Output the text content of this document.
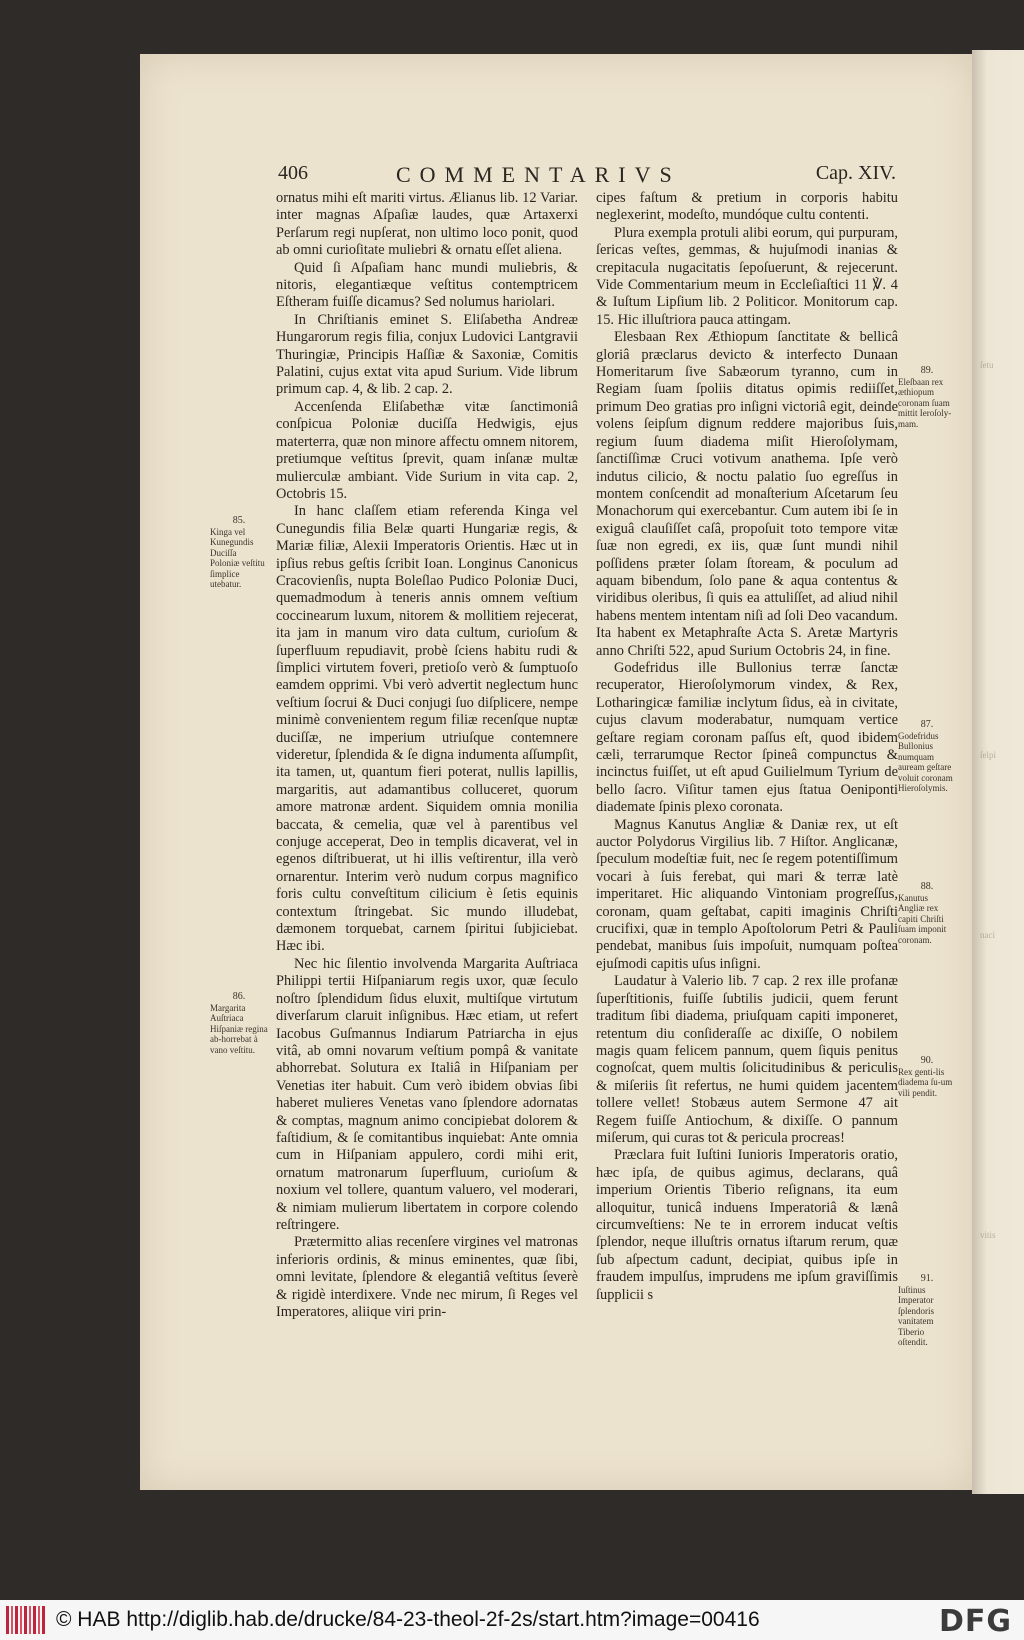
ſetu
ſelpi
naci
vitis
406	COMMENTARIVS	Cap. XIV.

ornatus mihi eſt mariti virtus. Ælianus lib. 12 Variar. inter magnas Aſpaſiæ laudes, quæ Artaxerxi Perſarum regi nupſerat, non ultimo loco ponit, quod ab omni curioſitate muliebri & ornatu eſſet aliena.

Quid ſi Aſpaſiam hanc mundi muliebris, & nitoris, elegantiæque veſtitus contemptricem Eſtheram fuiſſe dicamus? Sed nolumus hariolari.

In Chriſtianis eminet S. Eliſabetha Andreæ Hungarorum regis filia, conjux Ludovici Lantgravii Thuringiæ, Principis Haſſiæ & Saxoniæ, Comitis Palatini, cujus extat vita apud Surium. Vide librum primum cap. 4, & lib. 2 cap. 2.

Accenſenda Eliſabethæ vitæ ſanctimoniâ conſpicua Poloniæ duciſſa Hedwigis, ejus materterra, quæ non minore affectu omnem nitorem, pretiumque veſtitus ſprevit, quam inſanæ multæ mulierculæ ambiant. Vide Surium in vita cap. 2, Octobris 15.

In hanc claſſem etiam referenda Kinga vel Cunegundis filia Belæ quarti Hungariæ regis, & Mariæ filiæ, Alexii Imperatoris Orientis. Hæc ut in ipſius rebus geſtis ſcribit Ioan. Longinus Canonicus Cracovienſis, nupta Boleſlao Pudico Poloniæ Duci, quemadmodum à teneris annis omnem veſtium coccinearum luxum, nitorem & mollitiem rejecerat, ita jam in manum viro data cultum, curioſum & ſuperfluum repudiavit, probè ſciens habitu rudi & ſimplici virtutem foveri, pretioſo verò & ſumptuoſo eamdem opprimi. Vbi verò advertit neglectum hunc veſtium ſocrui & Duci conjugi ſuo diſplicere, nempe minimè convenientem regum filiæ recenſque nuptæ duciſſæ, ne imperium utriuſque contemnere videretur, ſplendida & ſe digna indumenta aſſumpſit, ita tamen, ut, quantum fieri poterat, nullis lapillis, margaritis, aut adamantibus colluceret, quorum amore matronæ ardent. Siquidem omnia monilia baccata, & cemelia, quæ vel à parentibus vel conjuge acceperat, Deo in templis dicaverat, vel in egenos diſtribuerat, ut hi illis veſtirentur, illa verò ornarentur. Interim verò nudum corpus magnifico foris cultu conveſtitum cilicium è ſetis equinis contextum ſtringebat. Sic mundo illudebat, dæmonem torquebat, carnem ſpiritui ſubjiciebat. Hæc ibi.

Nec hic ſilentio involvenda Margarita Auſtriaca Philippi tertii Hiſpaniarum regis uxor, quæ ſeculo noſtro ſplendidum ſidus eluxit, multiſque virtutum diverſarum claruit inſignibus. Hæc etiam, ut refert Iacobus Guſmannus Indiarum Patriarcha in ejus vitâ, ab omni novarum veſtium pompâ & vanitate abhorrebat. Soluturа ex Italiâ in Hiſpaniam per Venetias iter habuit. Cum verò ibidem obvias ſibi haberet mulieres Venetas vano ſplendore adornatas & comptas, magnum animo concipiebat dolorem & faſtidium, & ſe comitantibus inquiebat: Ante omnia cum in Hiſpaniam appulero, cordi mihi erit, ornatum matronarum ſuperfluum, curioſum & noxium vel tollere, quantum valuero, vel moderari, & nimiam mulierum libertatem in corpore colendo reſtringere.

Prætermitto alias recenſere virgines vel matronas inferioris ordinis, & minus eminentes, quæ ſibi, omni levitate, ſplendore & elegantiâ veſtitus ſeverè & rigidè interdixere. Vnde nec mirum, ſi Reges vel Imperatores, aliique viri prin-

cipes faſtum & pretium in corporis habitu neglexerint, modeſto, mundóque cultu contenti.

Plura exempla protuli alibi eorum, qui purpuram, ſericas veſtes, gemmas, & hujuſmodi inanias & crepitacula nugacitatis ſepoſuerunt, & rejecerunt. Vide Commentarium meum in Eccleſiaſtici 11 ℣. 4 & Iuſtum Lipſium lib. 2 Politicor. Monitorum cap. 15. Hic illuſtriora pauca attingam.

Elesbaan Rex Æthiopum ſanctitate & bellicâ gloriâ præclarus devicto & interfecto Dunaan Homeritarum ſive Sabæorum tyranno, cum in Regiam ſuam ſpoliis ditatus opimis rediiſſet, primum Deo gratias pro inſigni victoriâ egit, deinde volens ſeipſum dignum reddere majoribus ſuis, regium ſuum diadema miſit Hieroſolymam, ſanctiſſimæ Cruci votivum anathema. Ipſe verò indutus cilicio, & noctu palatio ſuo egreſſus in montem conſcendit ad monaſterium Aſcetarum ſeu Monachorum qui exercebantur. Cum autem ibi ſe in exiguâ clauſiſſet caſâ, propoſuit toto tempore vitæ ſuæ non egredi, ex iis, quæ ſunt mundi nihil poſſidens præter ſolam ſtoream, & poculum ad aquam bibendum, ſolo pane & aqua contentus & viridibus oleribus, ſi quis ea attuliſſet, ad aliud nihil habens mentem intentam niſi ad ſoli Deo vacandum. Ita habent ex Metaphraſte Acta S. Aretæ Martyris anno Chriſti 522, apud Surium Octobris 24, in fine.

Godefridus ille Bullonius terræ ſanctæ recuperator, Hieroſolymorum vindex, & Rex, Lotharingicæ familiæ inclytum ſidus, eà in civitate, cujus clavum moderabatur, numquam vertice geſtare regiam coronam paſſus eſt, quod ibidem cæli, terrarumque Rector ſpineâ compunctus & incinctus fuiſſet, ut eſt apud Guilielmum Tyrium de bello ſacro. Viſitur tamen ejus ſtatua Oeniponti diademate ſpinis plexo coronata.

Magnus Kanutus Angliæ & Daniæ rex, ut eſt auctor Polydorus Virgilius lib. 7 Hiſtor. Anglicanæ, ſpeculum modeſtiæ fuit, nec ſe regem potentiſſimum vocari à ſuis ferebat, qui mari & terræ latè imperitaret. Hic aliquando Vintoniam progreſſus, coronam, quam geſtabat, capiti imaginis Chriſti crucifixi, quæ in templo Apoſtolorum Petri & Pauli pendebat, manibus ſuis impoſuit, numquam poſtea ejuſmodi capitis uſus inſigni.

Laudatur à Valerio lib. 7 cap. 2 rex ille profanæ ſuperſtitionis, fuiſſe ſubtilis judicii, quem ferunt traditum ſibi diadema, priuſquam capiti imponeret, retentum diu conſideraſſe ac dixiſſe, O nobilem magis quam felicem pannum, quem ſiquis penitus cognoſcat, quem multis ſolicitudinibus & periculis & miſeriis ſit refertus, ne humi quidem jacentem tollere vellet! Stobæus autem Sermone 47 ait Regem fuiſſe Antiochum, & dixiſſe. O pannum miſerum, qui curas tot & pericula procreas!

Præclara fuit Iuſtini Iunioris Imperatoris oratio, hæc ipſa, de quibus agimus, declarans, quâ imperium Orientis Tiberio reſignans, ita eum alloquitur, tunicâ induens Imperatoriâ & lænâ circumveſtiens: Ne te in errorem inducat veſtis ſplendor, neque illuſtris ornatus iſtarum rerum, quæ ſub aſpectum cadunt, decipiat, quibus ipſe in fraudem impulſus, imprudens me ipſum graviſſimis ſupplicii s

85.
Kinga vel Kunegundis Duciſſa Poloniæ veſtitu ſimplice utebatur.
86.
Margarita Auſtriaca Hiſpaniæ regina ab-horrebat à vano veſtitu.
89.
Eleſbaan rex æthiopum coronam ſuam mittit Ieroſoly-mam.
87.
Godefridus Bullonius numquam auream geſtare voluit coronam Hieroſolymis.
88.
Kanutus Angliæ rex capiti Chriſti ſuam imponit coronam.
90.
Rex genti-lis diadema ſu-um vili pendit.
91.
Iuſtinus Imperator ſplendoris vanitatem Tiberio oſtendit.
© HAB http://diglib.hab.de/drucke/84-23-theol-2f-2s/start.htm?image=00416	DFG
